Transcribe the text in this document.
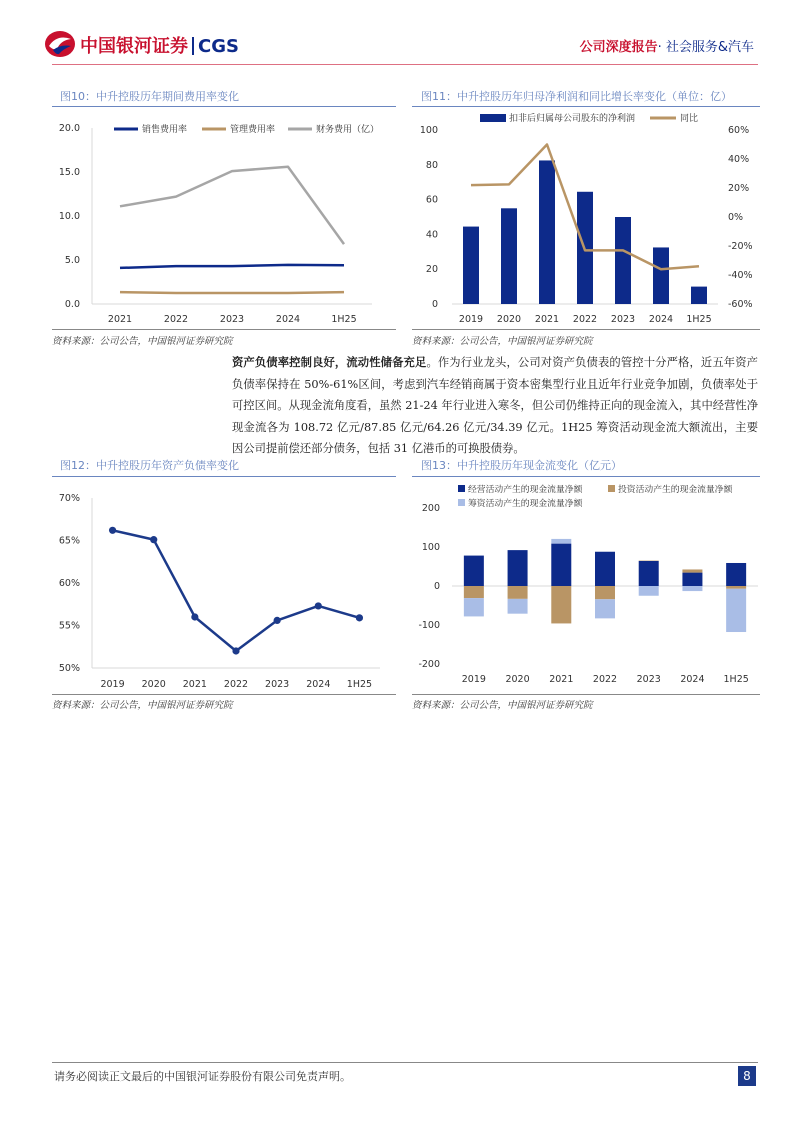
中国银河证券 CGS	公司深度报告· 社会服务&汽车
图10：中升控股历年期间费用率变化
0.0
5.0
10.0
15.0
20.0
2021	2022	2023	2024	1H25
销售费用率	管理费用率	财务费用（亿）
资料来源：公司公告，中国银河证券研究院
图11：中升控股历年归母净利润和同比增长率变化（单位：亿）
0
20
40
60
80
100
-60%
-40%
-20%
0%
20%
40%
60%
2019 2020 2021 2022 2023 2024 1H25
扣非后归属母公司股东的净利润	同比
资料来源：公司公告，中国银河证券研究院
资产负债率控制良好，流动性储备充足。作为行业龙头，公司对资产负债表的管控十分严格，近五年资产负债率保持在 50%-61%区间，考虑到汽车经销商属于资本密集型行业且近年行业竞争加剧，负债率处于可控区间。从现金流角度看，虽然 21-24 年行业进入寒冬，但公司仍维持正向的现金流入，其中经营性净现金流各为 108.72 亿元/87.85 亿元/64.26 亿元/34.39 亿元。1H25 筹资活动现金流大额流出，主要因公司提前偿还部分债务，包括 31 亿港币的可换股债券。
图12：中升控股历年资产负债率变化
50%
55%
60%
65%
70%
2019 2020 2021 2022 2023 2024 1H25
资料来源：公司公告，中国银河证券研究院
图13：中升控股历年现金流变化（亿元）
-200
-100
0
100
200
2019 2020 2021 2022 2023 2024 1H25
经营活动产生的现金流量净额	投资活动产生的现金流量净额
筹资活动产生的现金流量净额
资料来源：公司公告，中国银河证券研究院
请务必阅读正文最后的中国银河证券股份有限公司免责声明。	8
